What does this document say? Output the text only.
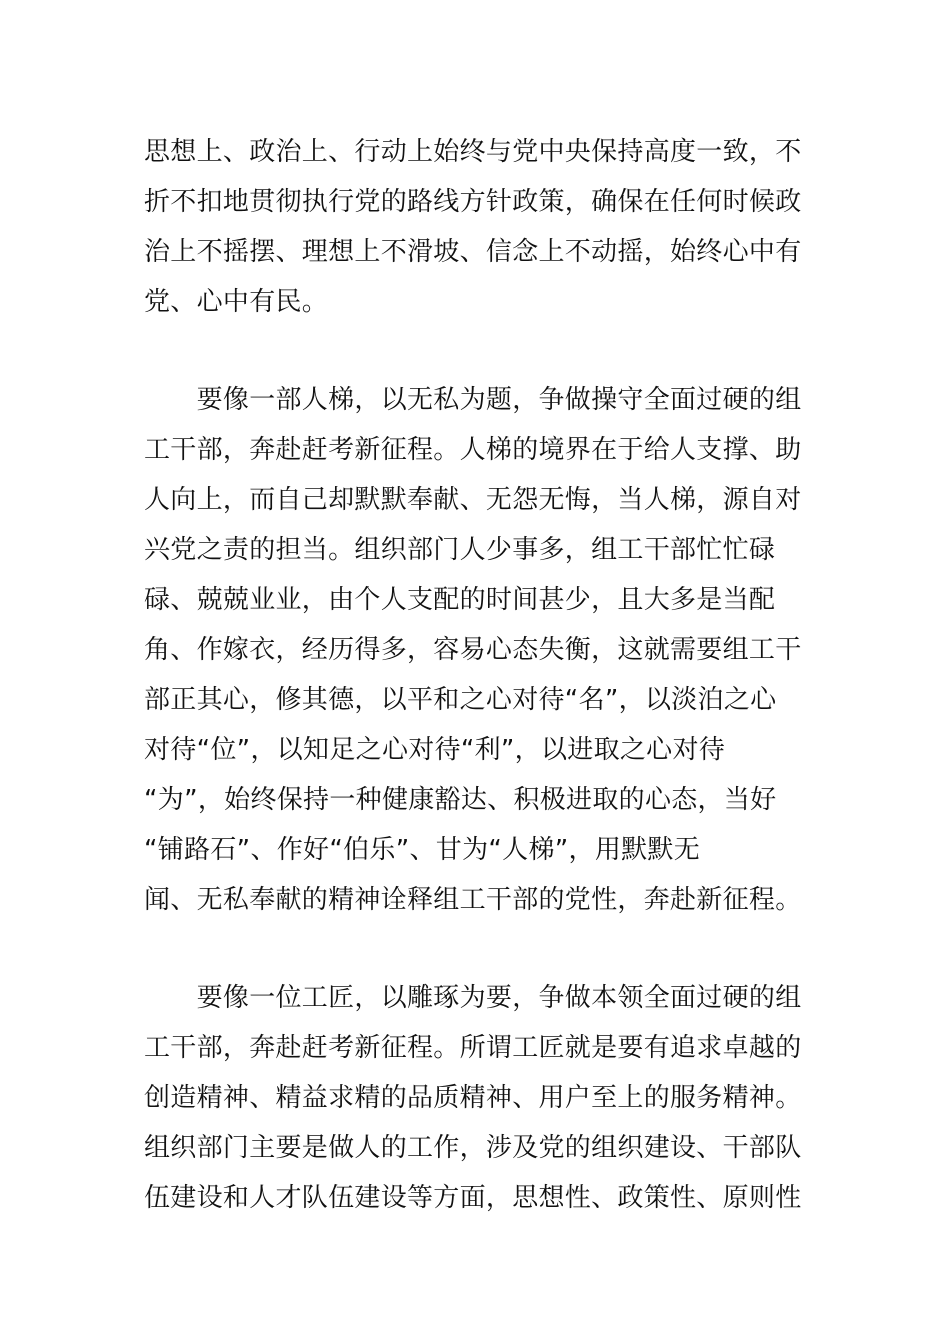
思想上、政治上、行动上始终与党中央保持高度一致，不
折不扣地贯彻执行党的路线方针政策，确保在任何时候政
治上不摇摆、理想上不滑坡、信念上不动摇，始终心中有
党、心中有民。

　　要像一部人梯，以无私为题，争做操守全面过硬的组
工干部，奔赴赶考新征程。人梯的境界在于给人支撑、助
人向上，而自己却默默奉献、无怨无悔，当人梯，源自对
兴党之责的担当。组织部门人少事多，组工干部忙忙碌
碌、兢兢业业，由个人支配的时间甚少，且大多是当配
角、作嫁衣，经历得多，容易心态失衡，这就需要组工干
部正其心，修其德，以平和之心对待“名”，以淡泊之心
对待“位”，以知足之心对待“利”，以进取之心对待
“为”，始终保持一种健康豁达、积极进取的心态，当好
“铺路石”、作好“伯乐”、甘为“人梯”，用默默无
闻、无私奉献的精神诠释组工干部的党性，奔赴新征程。

　　要像一位工匠，以雕琢为要，争做本领全面过硬的组
工干部，奔赴赶考新征程。所谓工匠就是要有追求卓越的
创造精神、精益求精的品质精神、用户至上的服务精神。
组织部门主要是做人的工作，涉及党的组织建设、干部队
伍建设和人才队伍建设等方面，思想性、政策性、原则性
